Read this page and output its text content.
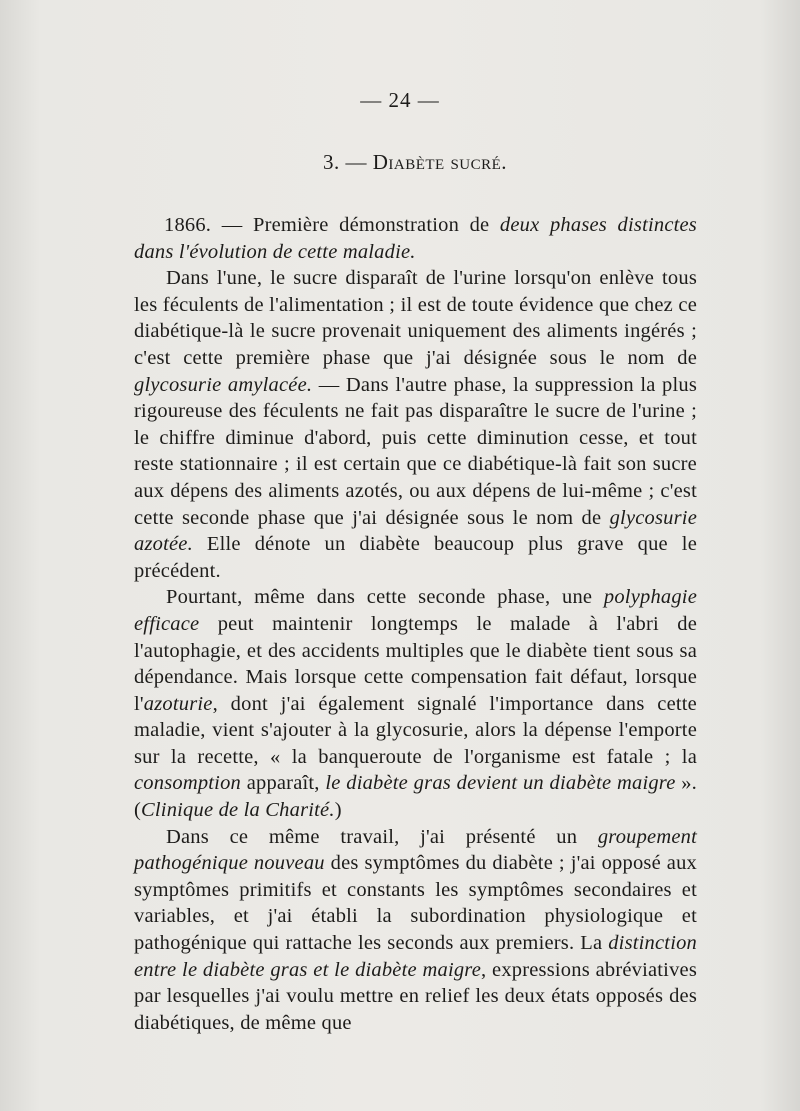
— 24 —
3. — Diabète sucré.

1866. — Première démonstration de deux phases distinctes dans l'évolution de cette maladie.

Dans l'une, le sucre disparaît de l'urine lorsqu'on enlève tous les féculents de l'alimentation ; il est de toute évidence que chez ce diabétique-là le sucre provenait uniquement des aliments ingérés ; c'est cette première phase que j'ai désignée sous le nom de glycosurie amylacée. — Dans l'autre phase, la suppression la plus rigoureuse des féculents ne fait pas disparaître le sucre de l'urine ; le chiffre diminue d'abord, puis cette diminution cesse, et tout reste stationnaire ; il est certain que ce diabétique-là fait son sucre aux dépens des aliments azotés, ou aux dépens de lui-même ; c'est cette seconde phase que j'ai désignée sous le nom de glycosurie azotée. Elle dénote un diabète beaucoup plus grave que le précédent.

Pourtant, même dans cette seconde phase, une polyphagie efficace peut maintenir longtemps le malade à l'abri de l'autophagie, et des accidents multiples que le diabète tient sous sa dépendance. Mais lorsque cette compensation fait défaut, lorsque l'azoturie, dont j'ai également signalé l'importance dans cette maladie, vient s'ajouter à la glycosurie, alors la dépense l'emporte sur la recette, « la banqueroute de l'organisme est fatale ; la consomption apparaît, le diabète gras devient un diabète maigre ». (Clinique de la Charité.)

Dans ce même travail, j'ai présenté un groupement pathogénique nouveau des symptômes du diabète ; j'ai opposé aux symptômes primitifs et constants les symptômes secondaires et variables, et j'ai établi la subordination physiologique et pathogénique qui rattache les seconds aux premiers. La distinction entre le diabète gras et le diabète maigre, expressions abréviatives par lesquelles j'ai voulu mettre en relief les deux états opposés des diabétiques, de même que
